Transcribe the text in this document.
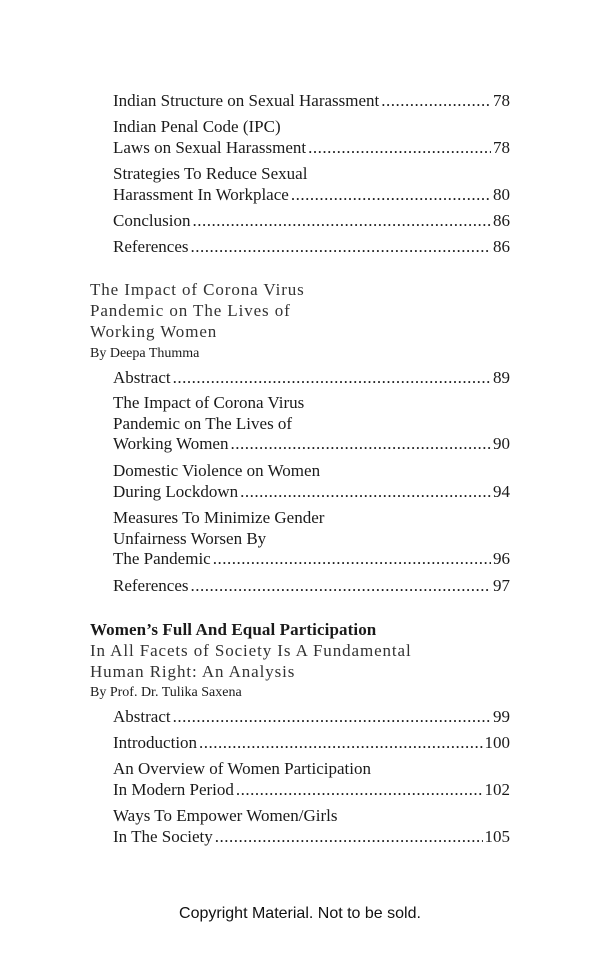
Indian Structure on Sexual Harassment .....	78
Indian Penal Code (IPC)
Laws on Sexual Harassment .....	78
Strategies To Reduce Sexual
Harassment In Workplace .....	80
Conclusion .....	86
References .....	86
The Impact of Corona Virus
Pandemic on The Lives of
Working Women
By Deepa Thumma
Abstract .....	89
The Impact of Corona Virus
Pandemic on The Lives of
Working Women .....	90
Domestic Violence on Women
During Lockdown .....	94
Measures To Minimize Gender
Unfairness Worsen By
The Pandemic .....	96
References .....	97
Women’s Full And Equal Participation
In All Facets of Society Is A Fundamental
Human Right: An Analysis
By Prof. Dr. Tulika Saxena
Abstract .....	99
Introduction .....	100
An Overview of Women Participation
In Modern Period .....	102
Ways To Empower Women/Girls
In The Society .....	105
Copyright Material. Not to be sold.
